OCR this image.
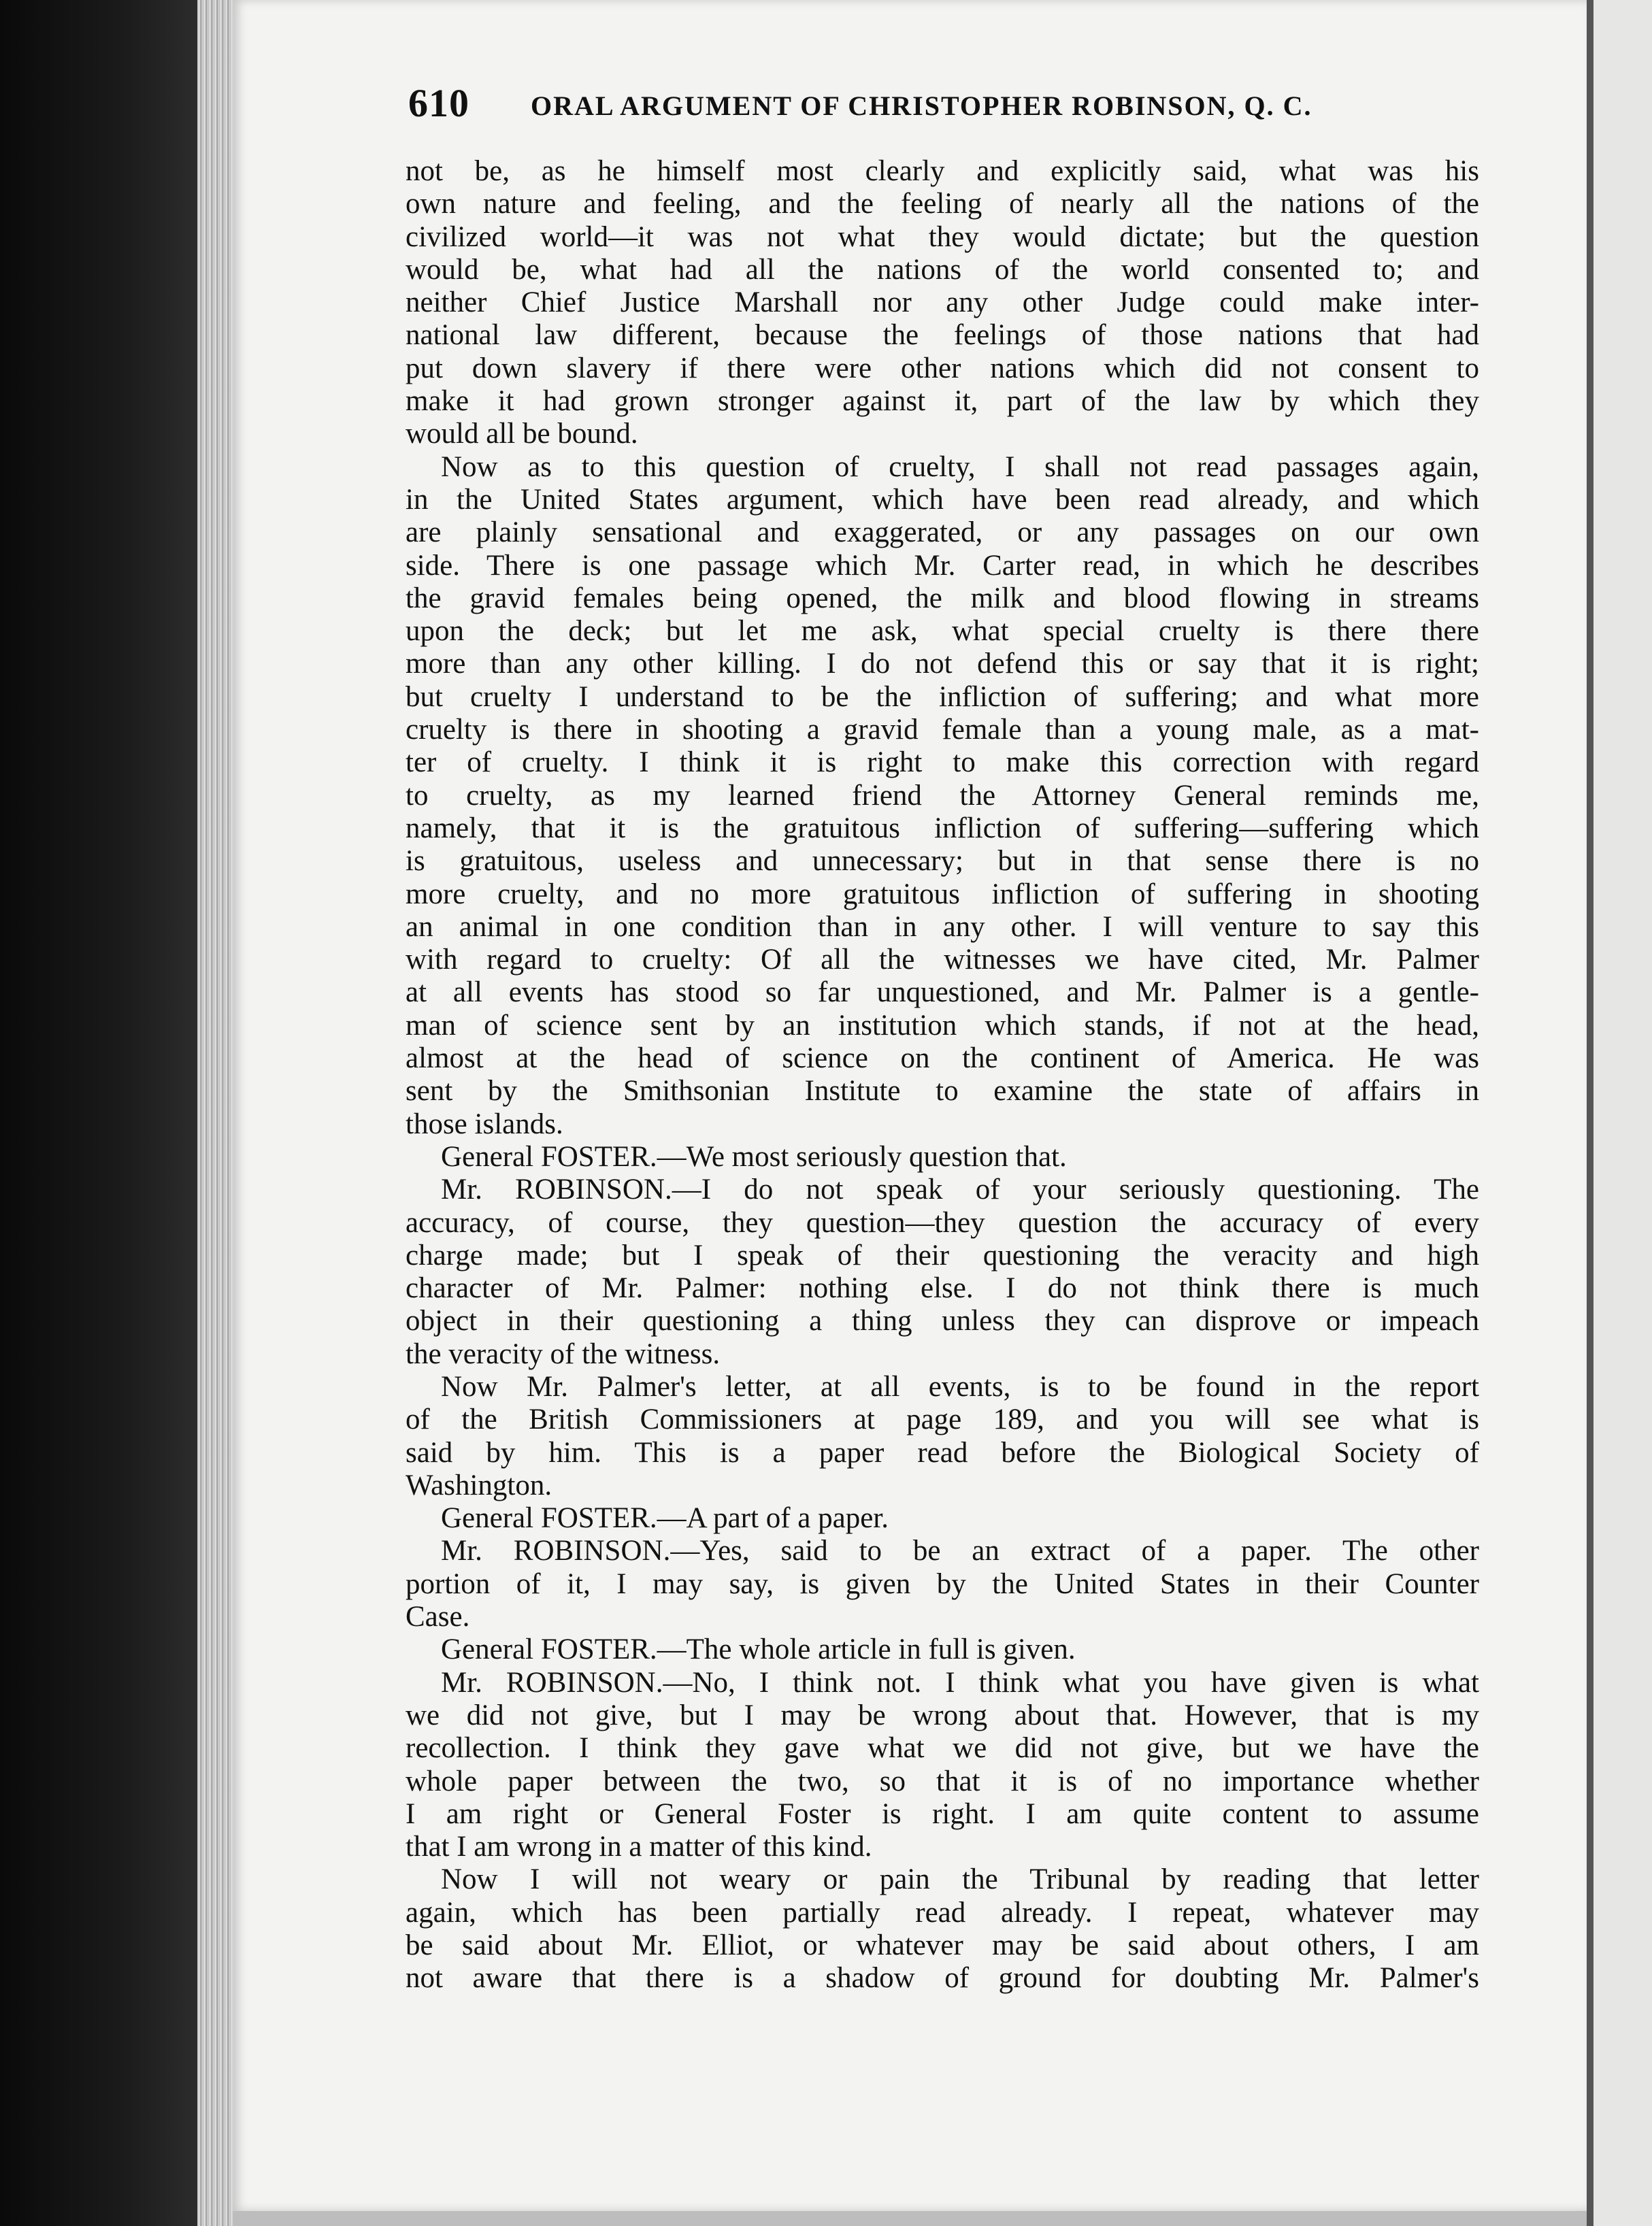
610 ORAL ARGUMENT OF CHRISTOPHER ROBINSON, Q. C.

not be, as he himself most clearly and explicitly said, what was his
own nature and feeling, and the feeling of nearly all the nations of the
civilized world—it was not what they would dictate; but the question
would be, what had all the nations of the world consented to; and
neither Chief Justice Marshall nor any other Judge could make inter-
national law different, because the feelings of those nations that had
put down slavery if there were other nations which did not consent to
make it had grown stronger against it, part of the law by which they
would all be bound.

Now as to this question of cruelty, I shall not read passages again,
in the United States argument, which have been read already, and which
are plainly sensational and exaggerated, or any passages on our own
side. There is one passage which Mr. Carter read, in which he describes
the gravid females being opened, the milk and blood flowing in streams
upon the deck; but let me ask, what special cruelty is there there
more than any other killing. I do not defend this or say that it is right;
but cruelty I understand to be the infliction of suffering; and what more
cruelty is there in shooting a gravid female than a young male, as a mat-
ter of cruelty. I think it is right to make this correction with regard
to cruelty, as my learned friend the Attorney General reminds me,
namely, that it is the gratuitous infliction of suffering—suffering which
is gratuitous, useless and unnecessary; but in that sense there is no
more cruelty, and no more gratuitous infliction of suffering in shooting
an animal in one condition than in any other. I will venture to say this
with regard to cruelty: Of all the witnesses we have cited, Mr. Palmer
at all events has stood so far unquestioned, and Mr. Palmer is a gentle-
man of science sent by an institution which stands, if not at the head,
almost at the head of science on the continent of America. He was
sent by the Smithsonian Institute to examine the state of affairs in
those islands.

General FOSTER.—We most seriously question that.

Mr. ROBINSON.—I do not speak of your seriously questioning. The
accuracy, of course, they question—they question the accuracy of every
charge made; but I speak of their questioning the veracity and high
character of Mr. Palmer: nothing else. I do not think there is much
object in their questioning a thing unless they can disprove or impeach
the veracity of the witness.

Now Mr. Palmer's letter, at all events, is to be found in the report
of the British Commissioners at page 189, and you will see what is
said by him. This is a paper read before the Biological Society of
Washington.

General FOSTER.—A part of a paper.

Mr. ROBINSON.—Yes, said to be an extract of a paper. The other
portion of it, I may say, is given by the United States in their Counter
Case.

General FOSTER.—The whole article in full is given.

Mr. ROBINSON.—No, I think not. I think what you have given is what
we did not give, but I may be wrong about that. However, that is my
recollection. I think they gave what we did not give, but we have the
whole paper between the two, so that it is of no importance whether
I am right or General Foster is right. I am quite content to assume
that I am wrong in a matter of this kind.

Now I will not weary or pain the Tribunal by reading that letter
again, which has been partially read already. I repeat, whatever may
be said about Mr. Elliot, or whatever may be said about others, I am
not aware that there is a shadow of ground for doubting Mr. Palmer's
